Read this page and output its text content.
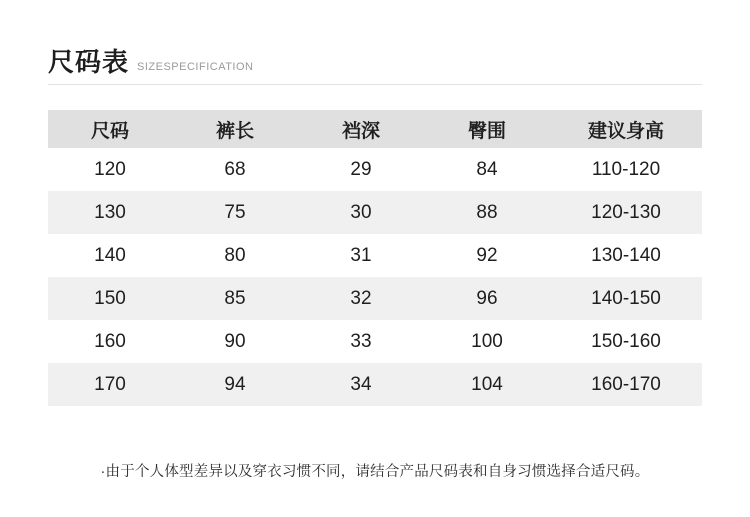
尺码表 SIZESPECIFICATION
尺码	裤长	裆深	臀围	建议身高
120	68	29	84	110-120
130	75	30	88	120-130
140	80	31	92	130-140
150	85	32	96	140-150
160	90	33	100	150-160
170	94	34	104	160-170
·由于个人体型差异以及穿衣习惯不同，请结合产品尺码表和自身习惯选择合适尺码。
